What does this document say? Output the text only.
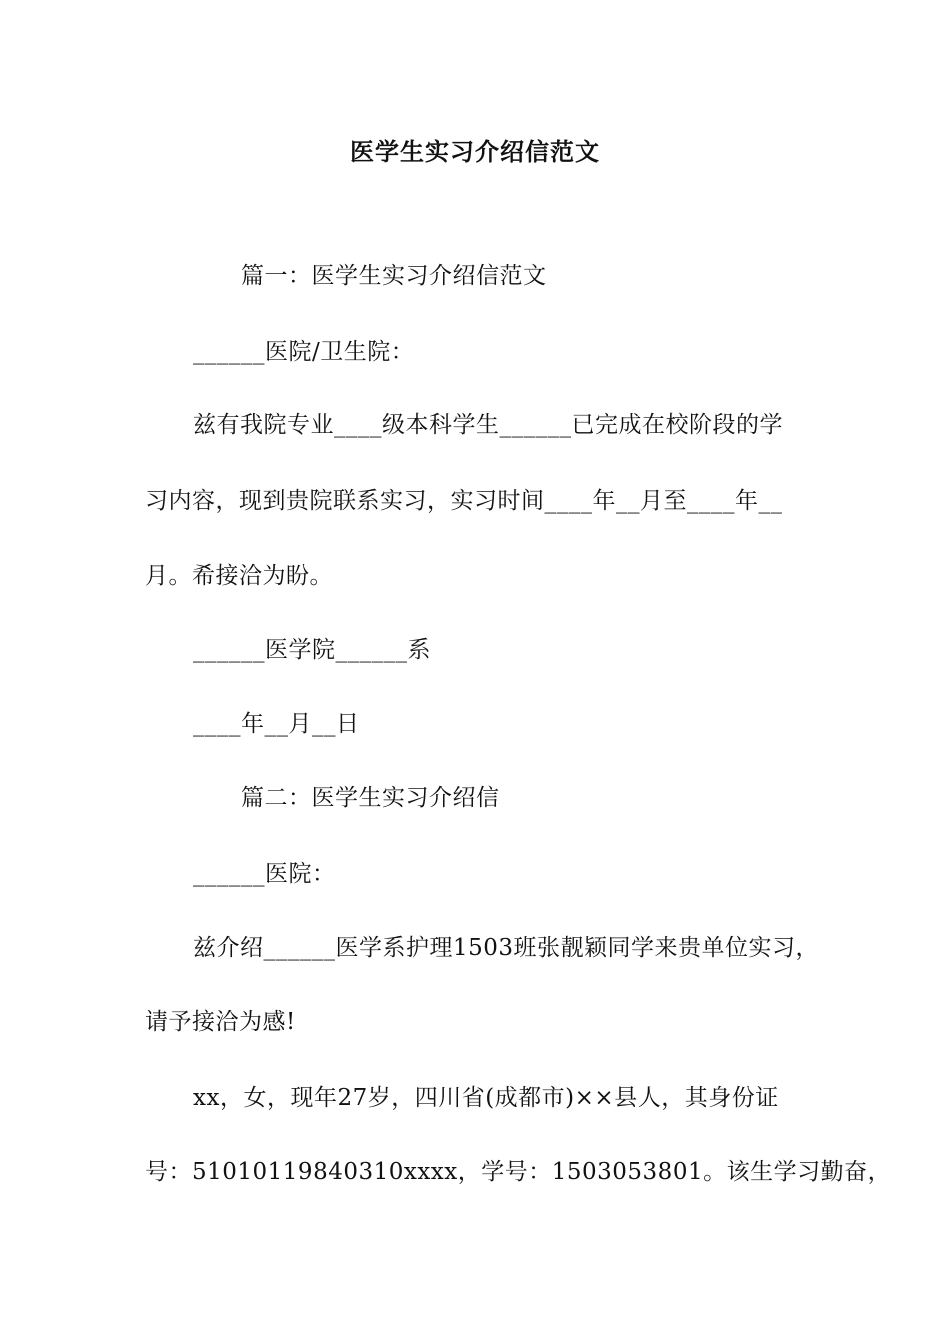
医学生实习介绍信范文
篇一：医学生实习介绍信范文
______医院/卫生院：
兹有我院专业____级本科学生______已完成在校阶段的学
习内容，现到贵院联系实习，实习时间____年__月至____年__
月。希接洽为盼。
______医学院______系
____年__月__日
篇二：医学生实习介绍信
______医院：
兹介绍______医学系护理1503班张靓颖同学来贵单位实习，
请予接洽为感!
xx，女，现年27岁，四川省(成都市)××县人，其身份证
号：51010119840310xxxx，学号：1503053801。该生学习勤奋，
